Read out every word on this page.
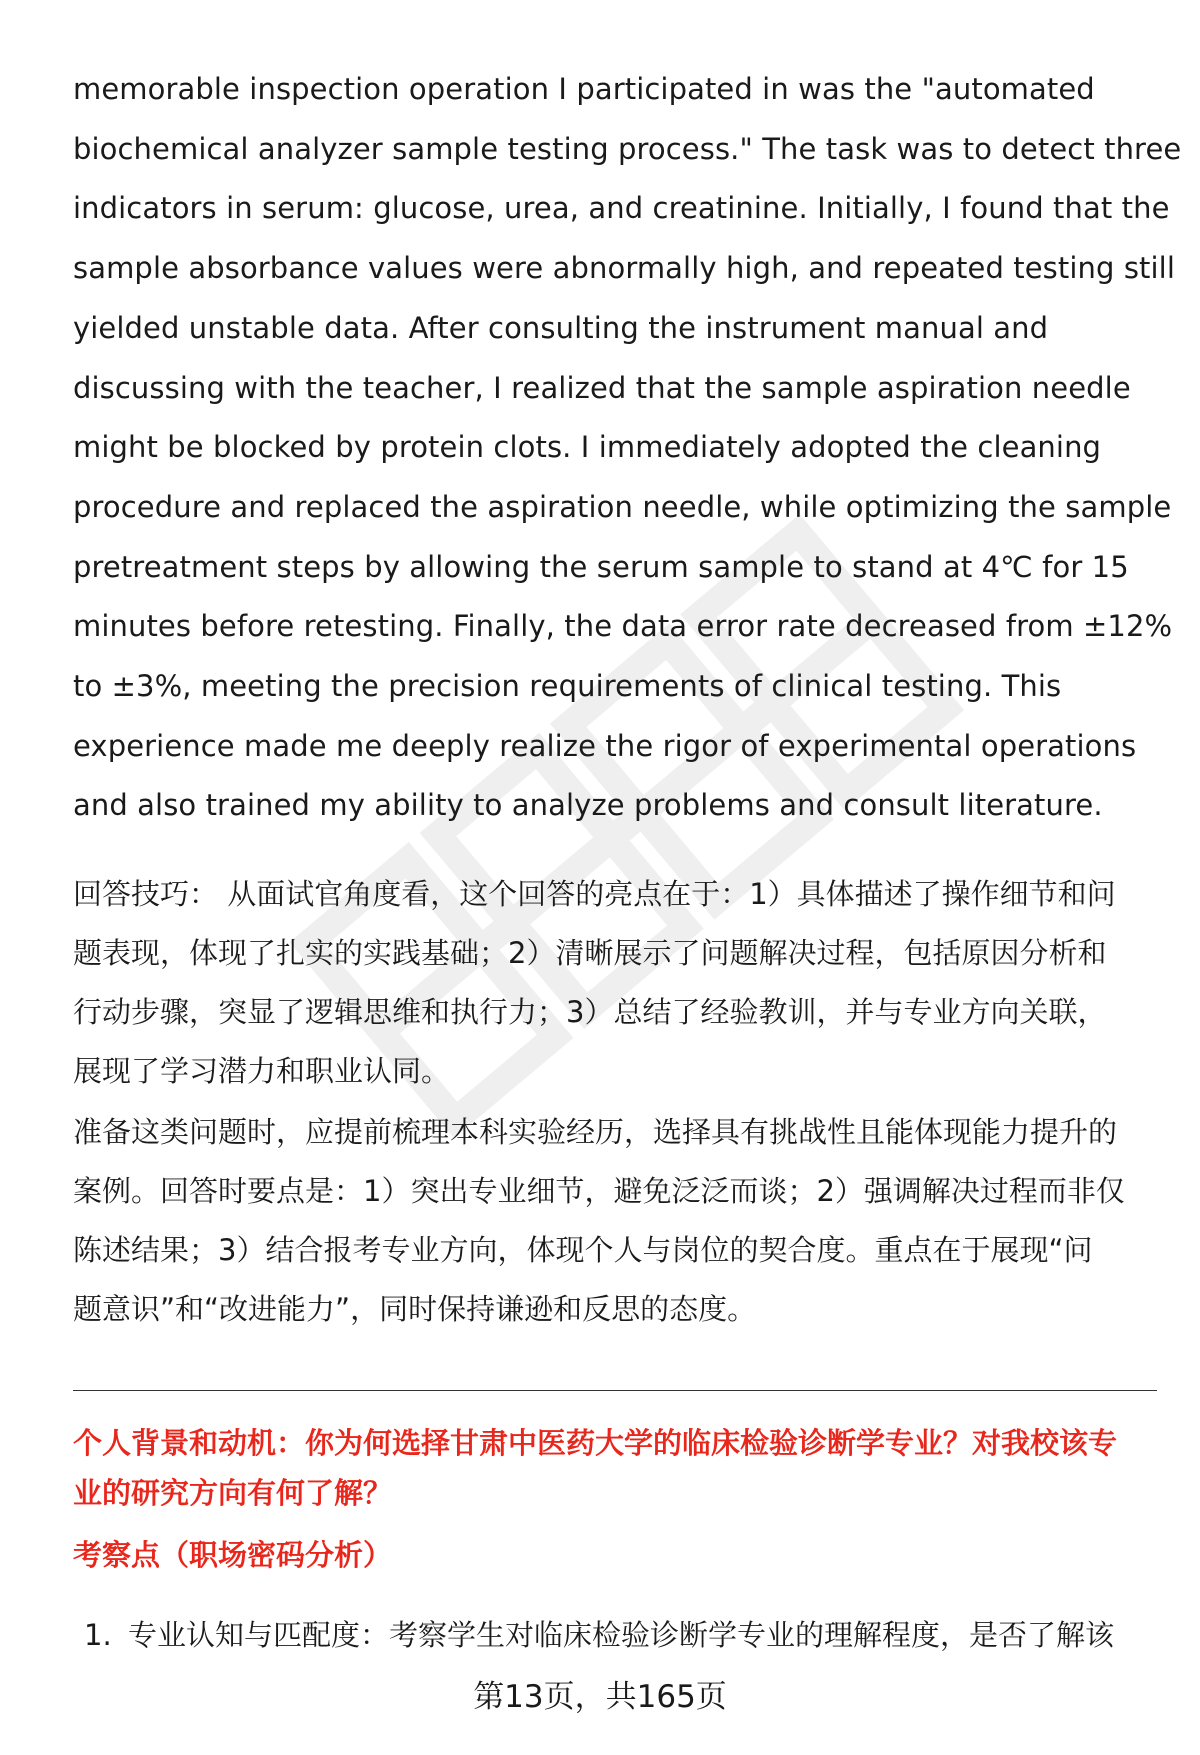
memorable inspection operation I participated in was the "automated
biochemical analyzer sample testing process." The task was to detect three
indicators in serum: glucose, urea, and creatinine. Initially, I found that the
sample absorbance values were abnormally high, and repeated testing still
yielded unstable data. After consulting the instrument manual and
discussing with the teacher, I realized that the sample aspiration needle
might be blocked by protein clots. I immediately adopted the cleaning
procedure and replaced the aspiration needle, while optimizing the sample
pretreatment steps by allowing the serum sample to stand at 4℃ for 15
minutes before retesting. Finally, the data error rate decreased from ±12%
to ±3%, meeting the precision requirements of clinical testing. This
experience made me deeply realize the rigor of experimental operations
and also trained my ability to analyze problems and consult literature.
回答技巧： 从面试官角度看，这个回答的亮点在于：1）具体描述了操作细节和问
题表现，体现了扎实的实践基础；2）清晰展示了问题解决过程，包括原因分析和
行动步骤，突显了逻辑思维和执行力；3）总结了经验教训，并与专业方向关联，
展现了学习潜力和职业认同。
准备这类问题时，应提前梳理本科实验经历，选择具有挑战性且能体现能力提升的
案例。回答时要点是：1）突出专业细节，避免泛泛而谈；2）强调解决过程而非仅
陈述结果；3）结合报考专业方向，体现个人与岗位的契合度。重点在于展现“问
题意识”和“改进能力”，同时保持谦逊和反思的态度。
个人背景和动机：你为何选择甘肃中医药大学的临床检验诊断学专业？对我校该专
业的研究方向有何了解？
考察点（职场密码分析）
1. 专业认知与匹配度：考察学生对临床检验诊断学专业的理解程度，是否了解该
第13页，共165页
